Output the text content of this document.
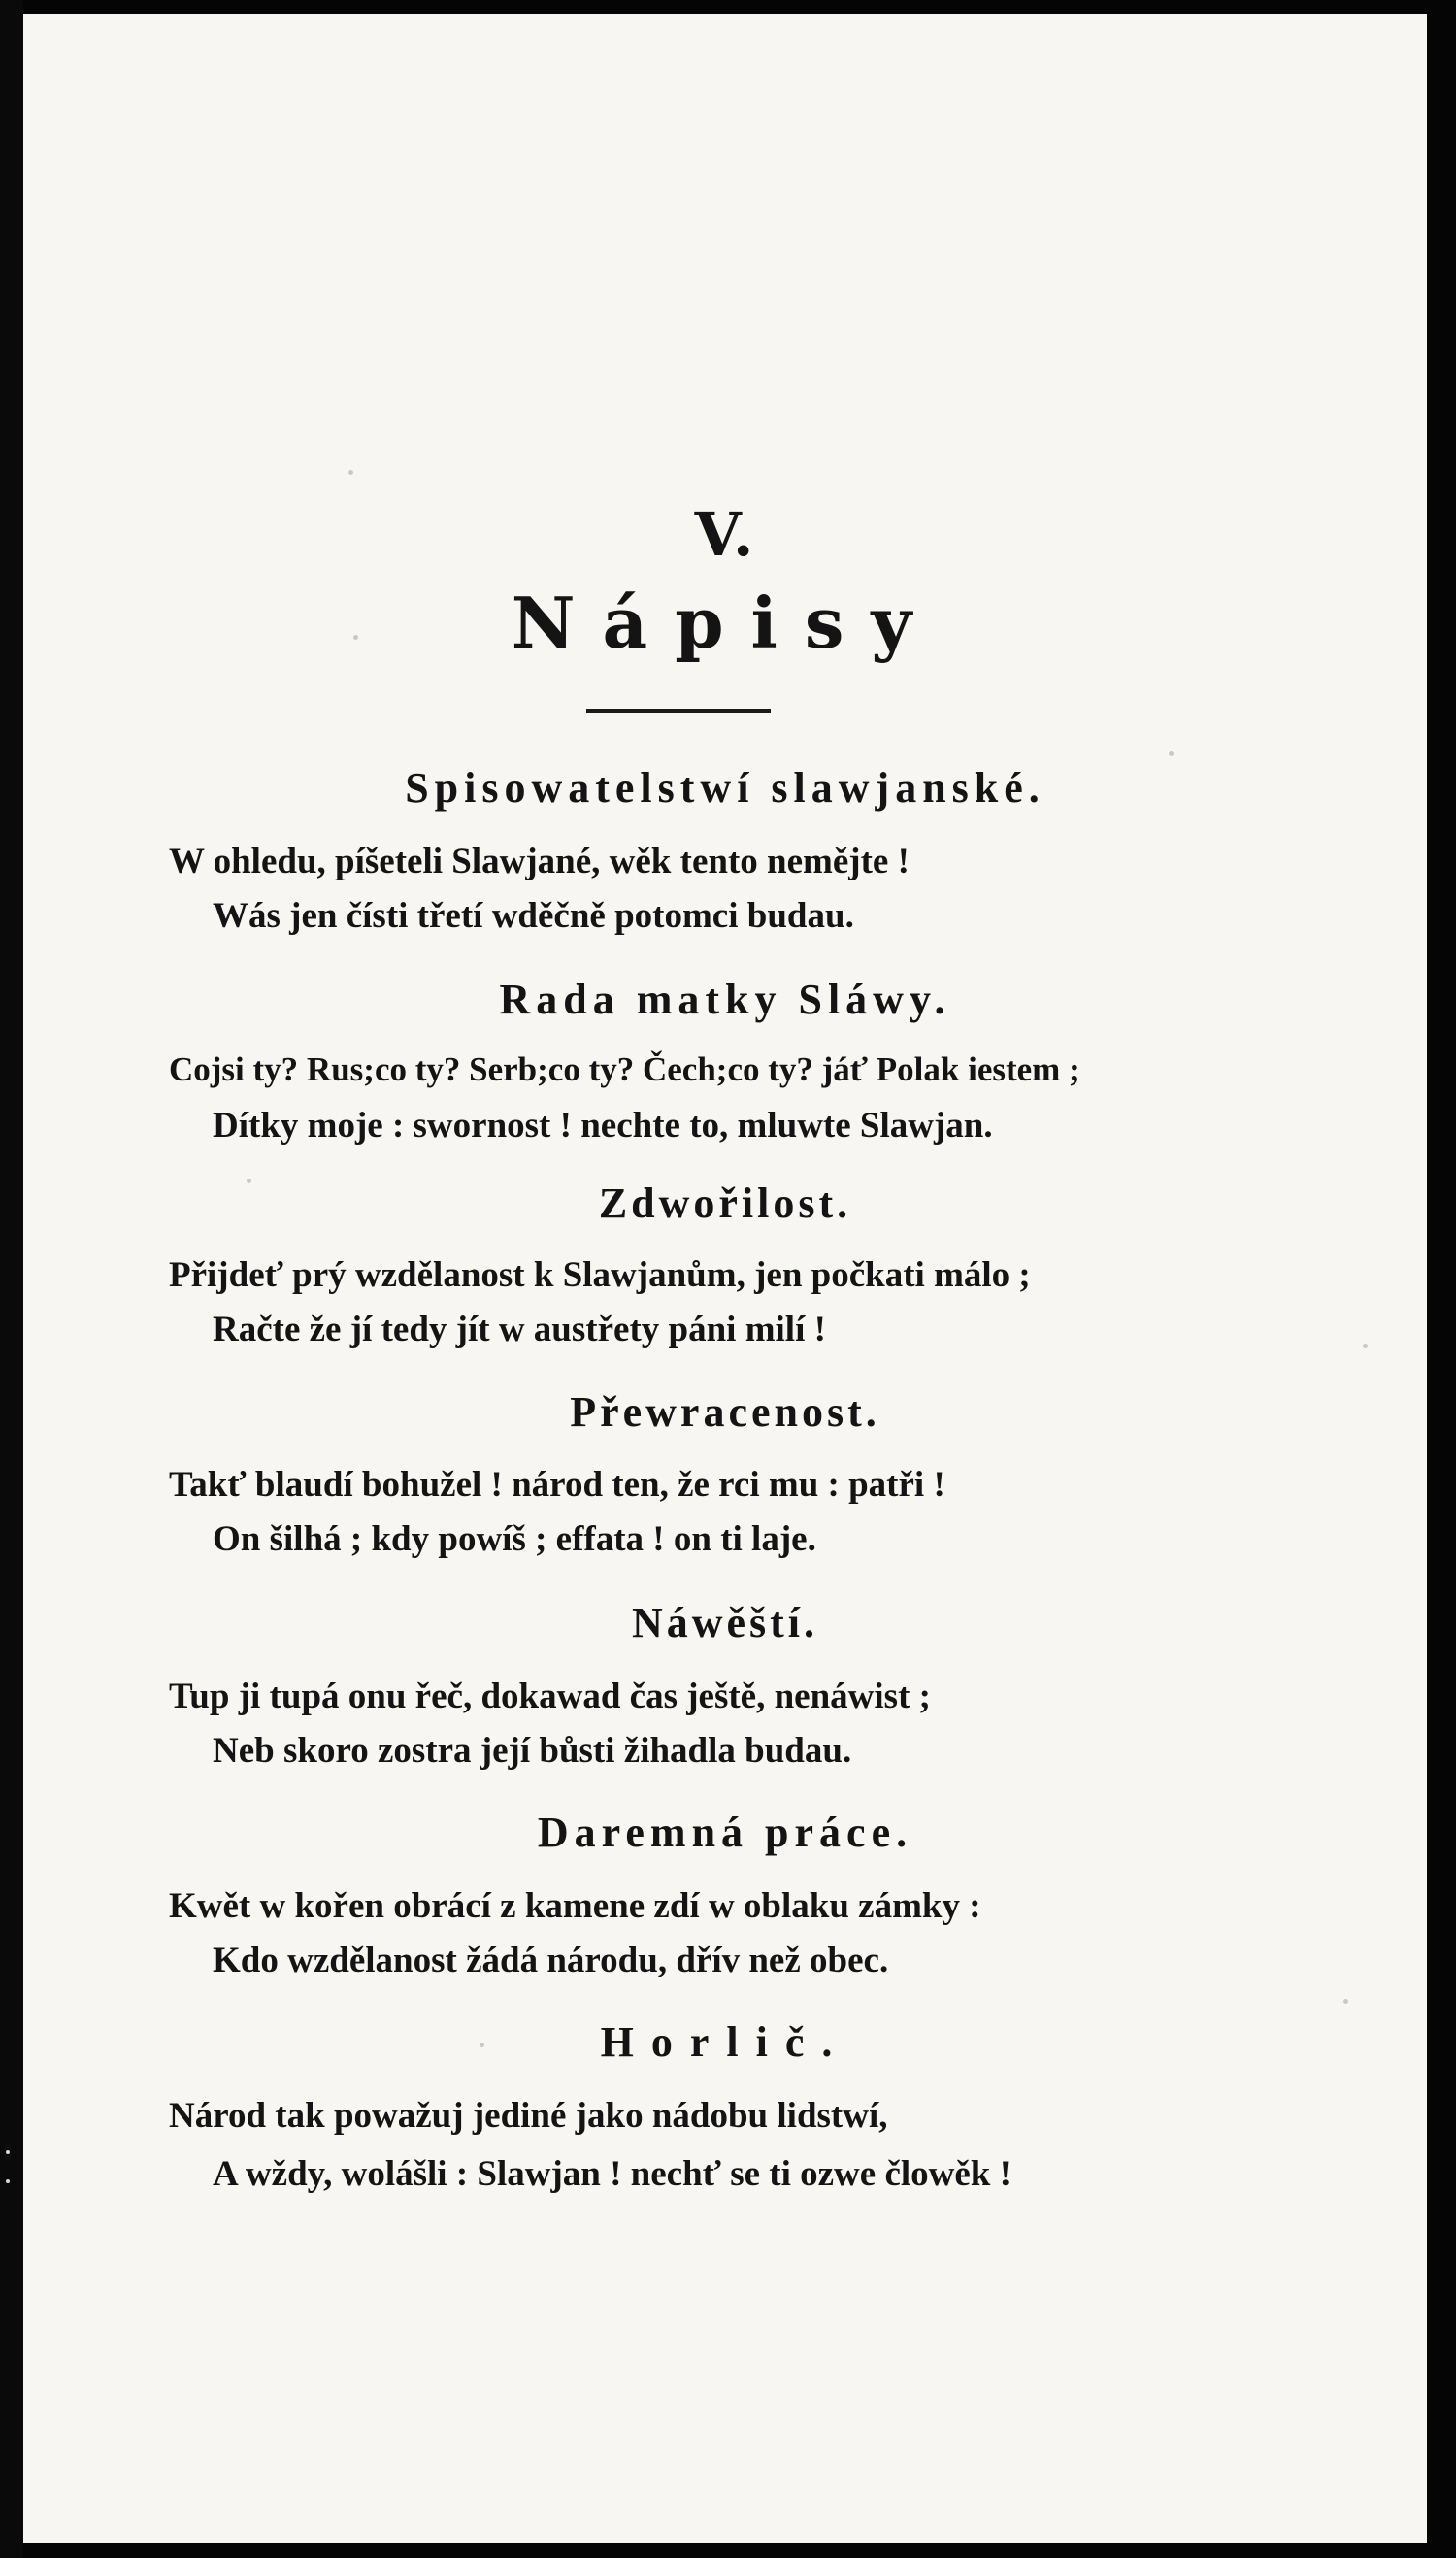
V.
Nápisy
Spisowatelstwí slawjanské.
W ohledu, píšeteli Slawjané, wěk tento nemějte !
Wás jen čísti třetí wděčně potomci budau.
Rada matky Sláwy.
Cojsi ty? Rus;co ty? Serb;co ty? Čech;co ty? jáť Polak iestem ;
Dítky moje : swornost ! nechte to, mluwte Slawjan.
Zdwořilost.
Přijdeť prý wzdělanost k Slawjanům, jen počkati málo ;
Račte že jí tedy jít w austřety páni milí !
Přewracenost.
Takť blaudí bohužel ! národ ten, že rci mu : patři !
On šilhá ; kdy powíš ; effata ! on ti laje.
Náwěští.
Tup ji tupá onu řeč, dokawad čas ještě, nenáwist ;
Neb skoro zostra její bůsti žihadla budau.
Daremná práce.
Kwět w kořen obrácí z kamene zdí w oblaku zámky :
Kdo wzdělanost žádá národu, dřív než obec.
Horlič.
Národ tak powažuj jediné jako nádobu lidstwí,
A wždy, wolášli : Slawjan ! nechť se ti ozwe člowěk !
